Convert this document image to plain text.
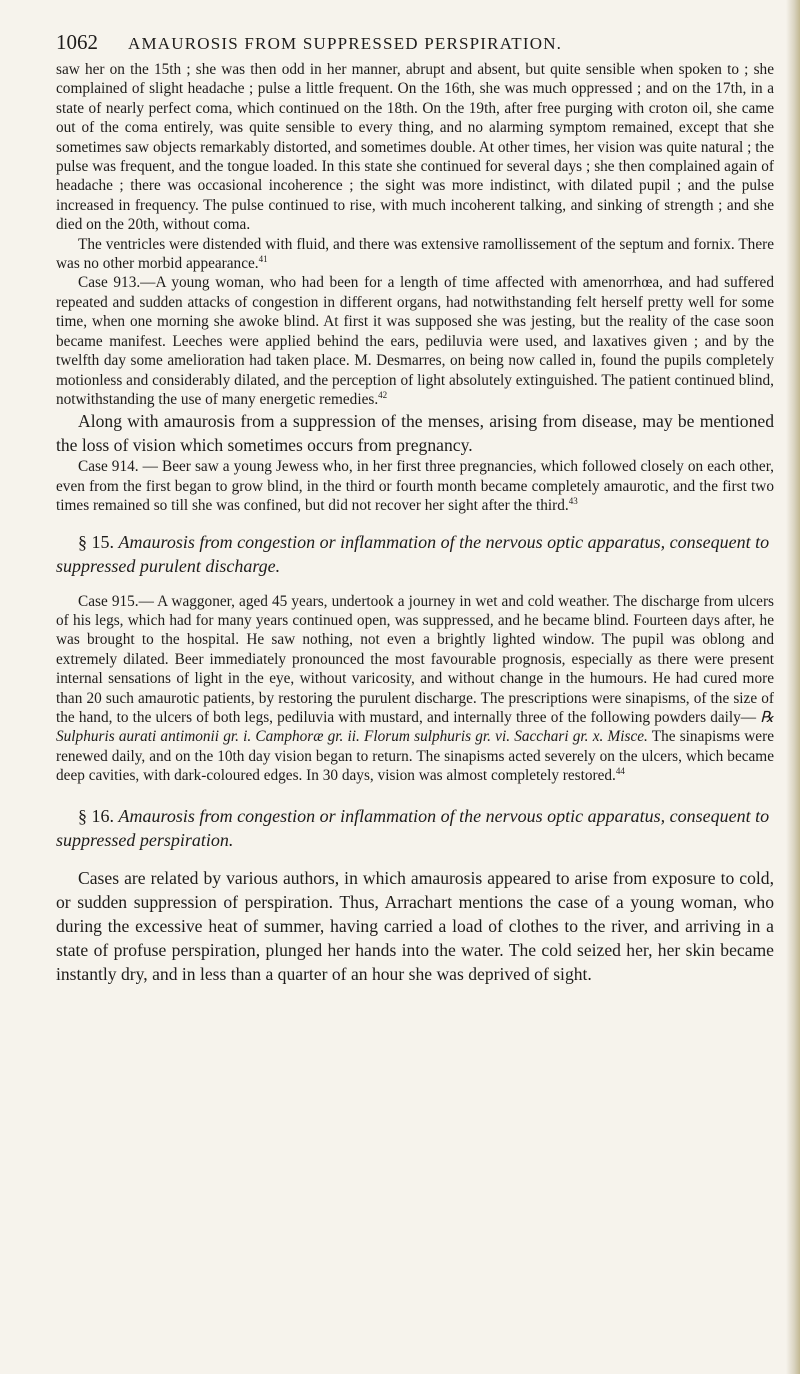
1062	AMAUROSIS FROM SUPPRESSED PERSPIRATION.

saw her on the 15th ; she was then odd in her manner, abrupt and absent, but quite sensible when spoken to ; she complained of slight headache ; pulse a little frequent. On the 16th, she was much oppressed ; and on the 17th, in a state of nearly perfect coma, which continued on the 18th. On the 19th, after free purging with croton oil, she came out of the coma entirely, was quite sensible to every thing, and no alarming symptom remained, except that she sometimes saw objects remarkably distorted, and sometimes double. At other times, her vision was quite natural ; the pulse was frequent, and the tongue loaded. In this state she continued for several days ; she then complained again of headache ; there was occasional incoherence ; the sight was more indistinct, with dilated pupil ; and the pulse increased in frequency. The pulse continued to rise, with much incoherent talking, and sinking of strength ; and she died on the 20th, without coma.

The ventricles were distended with fluid, and there was extensive ramollissement of the septum and fornix. There was no other morbid appearance.$^{41}$

Case 913.—A young woman, who had been for a length of time affected with amenorrhœa, and had suffered repeated and sudden attacks of congestion in different organs, had notwithstanding felt herself pretty well for some time, when one morning she awoke blind. At first it was supposed she was jesting, but the reality of the case soon became manifest. Leeches were applied behind the ears, pediluvia were used, and laxatives given ; and by the twelfth day some amelioration had taken place. M. Desmarres, on being now called in, found the pupils completely motionless and considerably dilated, and the perception of light absolutely extinguished. The patient continued blind, notwithstanding the use of many energetic remedies.$^{42}$

Along with amaurosis from a suppression of the menses, arising from disease, may be mentioned the loss of vision which sometimes occurs from pregnancy.

Case 914. — Beer saw a young Jewess who, in her first three pregnancies, which followed closely on each other, even from the first began to grow blind, in the third or fourth month became completely amaurotic, and the first two times remained so till she was confined, but did not recover her sight after the third.$^{43}$

§ 15. Amaurosis from congestion or inflammation of the nervous optic apparatus, consequent to suppressed purulent discharge.

Case 915.— A waggoner, aged 45 years, undertook a journey in wet and cold weather. The discharge from ulcers of his legs, which had for many years continued open, was suppressed, and he became blind. Fourteen days after, he was brought to the hospital. He saw nothing, not even a brightly lighted window. The pupil was oblong and extremely dilated. Beer immediately pronounced the most favourable prognosis, especially as there were present internal sensations of light in the eye, without varicosity, and without change in the humours. He had cured more than 20 such amaurotic patients, by restoring the purulent discharge. The prescriptions were sinapisms, of the size of the hand, to the ulcers of both legs, pediluvia with mustard, and internally three of the following powders daily— ℞ Sulphuris aurati antimonii gr. i. Camphoræ gr. ii. Florum sulphuris gr. vi. Sacchari gr. x. Misce. The sinapisms were renewed daily, and on the 10th day vision began to return. The sinapisms acted severely on the ulcers, which became deep cavities, with dark-coloured edges. In 30 days, vision was almost completely restored.$^{44}$

§ 16. Amaurosis from congestion or inflammation of the nervous optic apparatus, consequent to suppressed perspiration.

Cases are related by various authors, in which amaurosis appeared to arise from exposure to cold, or sudden suppression of perspiration. Thus, Arrachart mentions the case of a young woman, who during the excessive heat of summer, having carried a load of clothes to the river, and arriving in a state of profuse perspiration, plunged her hands into the water. The cold seized her, her skin became instantly dry, and in less than a quarter of an hour she was deprived of sight.
